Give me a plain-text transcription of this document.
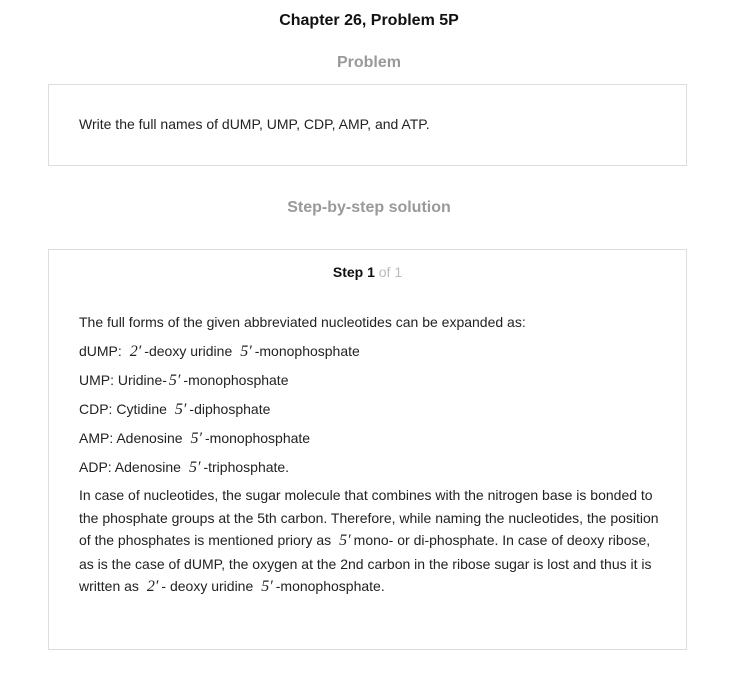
Chapter 26, Problem 5P
Problem
Write the full names of dUMP, UMP, CDP, AMP, and ATP.
Step-by-step solution
Step 1 of 1
The full forms of the given abbreviated nucleotides can be expanded as:
dUMP: 2′ -deoxy uridine 5′ -monophosphate
UMP: Uridine- 5′ -monophosphate
CDP: Cytidine 5′ -diphosphate
AMP: Adenosine 5′ -monophosphate
ADP: Adenosine 5′ -triphosphate.
In case of nucleotides, the sugar molecule that combines with the nitrogen base is bonded to the phosphate groups at the 5th carbon. Therefore, while naming the nucleotides, the position of the phosphates is mentioned priory as 5′ mono- or di-phosphate. In case of deoxy ribose, as is the case of dUMP, the oxygen at the 2nd carbon in the ribose sugar is lost and thus it is written as 2′ - deoxy uridine 5′ -monophosphate.
